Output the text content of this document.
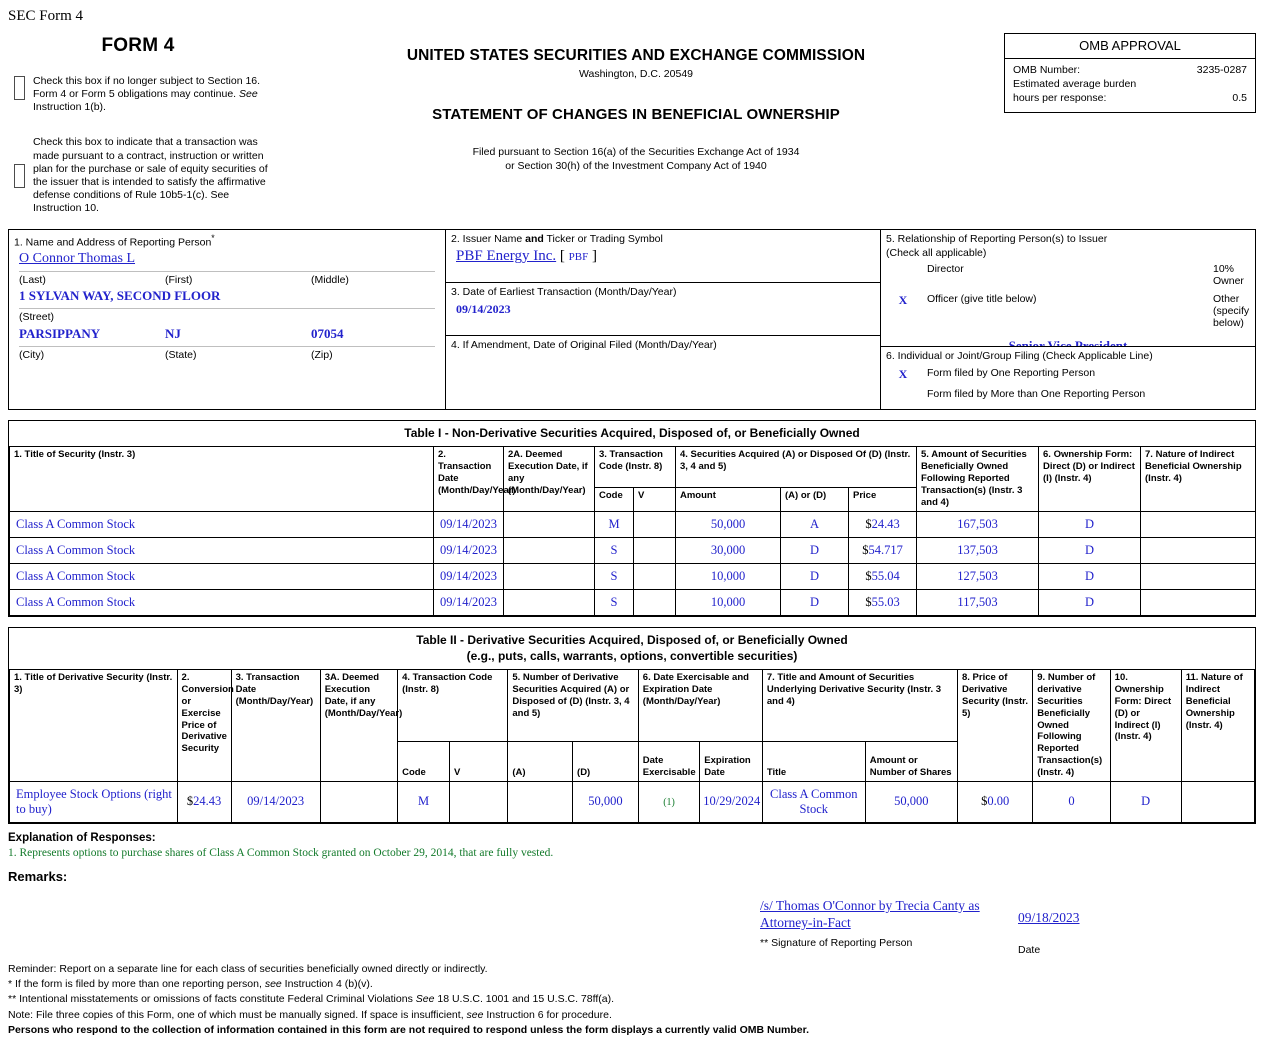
SEC Form 4
FORM 4
Check this box if no longer subject to Section 16. Form 4 or Form 5 obligations may continue. See Instruction 1(b).
Check this box to indicate that a transaction was made pursuant to a contract, instruction or written plan for the purchase or sale of equity securities of the issuer that is intended to satisfy the affirmative defense conditions of Rule 10b5-1(c). See Instruction 10.
UNITED STATES SECURITIES AND EXCHANGE COMMISSION
Washington, D.C. 20549
STATEMENT OF CHANGES IN BENEFICIAL OWNERSHIP
Filed pursuant to Section 16(a) of the Securities Exchange Act of 1934
or Section 30(h) of the Investment Company Act of 1940
OMB APPROVAL
OMB Number:	3235-0287
Estimated average burden
hours per response:	0.5
1. Name and Address of Reporting Person*
O Connor Thomas L
(Last)	(First)	(Middle)
1 SYLVAN WAY, SECOND FLOOR
(Street)
PARSIPPANY	NJ	07054
(City)	(State)	(Zip)
2. Issuer Name and Ticker or Trading Symbol
PBF Energy Inc. [ PBF ]
3. Date of Earliest Transaction (Month/Day/Year)
09/14/2023
4. If Amendment, Date of Original Filed (Month/Day/Year)
5. Relationship of Reporting Person(s) to Issuer
(Check all applicable)
	Director		10% Owner
X	Officer (give title below)		Other (specify below)
6. Individual or Joint/Group Filing (Check Applicable Line)
X	Form filed by One Reporting Person
	Form filed by More than One Reporting Person
Table I - Non-Derivative Securities Acquired, Disposed of, or Beneficially Owned
1. Title of Security (Instr. 3)	2. Transaction Date (Month/Day/Year)	2A. Deemed Execution Date, if any (Month/Day/Year)	3. Transaction Code (Instr. 8)		4. Securities Acquired (A) or Disposed Of (D) (Instr. 3, 4 and 5)			5. Amount of Securities Beneficially Owned Following Reported Transaction(s) (Instr. 3 and 4)	6. Ownership Form: Direct (D) or Indirect (I) (Instr. 4)	7. Nature of Indirect Beneficial Ownership (Instr. 4)
			Code	V	Amount	(A) or (D)	Price			
Class A Common Stock	09/14/2023		M		50,000	A	$24.43	167,503	D	
Class A Common Stock	09/14/2023		S		30,000	D	$54.717	137,503	D	
Class A Common Stock	09/14/2023		S		10,000	D	$55.04	127,503	D	
Class A Common Stock	09/14/2023		S		10,000	D	$55.03	117,503	D	
Table II - Derivative Securities Acquired, Disposed of, or Beneficially Owned
(e.g., puts, calls, warrants, options, convertible securities)
1. Title of Derivative Security (Instr. 3)	2. Conversion or Exercise Price of Derivative Security	3. Transaction Date (Month/Day/Year)	3A. Deemed Execution Date, if any (Month/Day/Year)	4. Transaction Code (Instr. 8)		5. Number of Derivative Securities Acquired (A) or Disposed of (D) (Instr. 3, 4 and 5)		6. Date Exercisable and Expiration Date (Month/Day/Year)		7. Title and Amount of Securities Underlying Derivative Security (Instr. 3 and 4)		8. Price of Derivative Security (Instr. 5)	9. Number of derivative Securities Beneficially Owned Following Reported Transaction(s) (Instr. 4)	10. Ownership Form: Direct (D) or Indirect (I) (Instr. 4)	11. Nature of Indirect Beneficial Ownership (Instr. 4)
				Code	V	(A)	(D)	Date Exercisable	Expiration Date	Title	Amount or Number of Shares				
Employee Stock Options (right to buy)	$24.43	09/14/2023		M			50,000	(1)	10/29/2024	Class A Common Stock	50,000	$0.00	0	D	
Explanation of Responses:
1. Represents options to purchase shares of Class A Common Stock granted on October 29, 2014, that are fully vested.
Remarks:
/s/ Thomas O'Connor by Trecia Canty as Attorney-in-Fact
** Signature of Reporting Person
09/18/2023
Date
Reminder: Report on a separate line for each class of securities beneficially owned directly or indirectly.
* If the form is filed by more than one reporting person, see Instruction 4 (b)(v).
** Intentional misstatements or omissions of facts constitute Federal Criminal Violations See 18 U.S.C. 1001 and 15 U.S.C. 78ff(a).
Note: File three copies of this Form, one of which must be manually signed. If space is insufficient, see Instruction 6 for procedure.
Persons who respond to the collection of information contained in this form are not required to respond unless the form displays a currently valid OMB Number.
